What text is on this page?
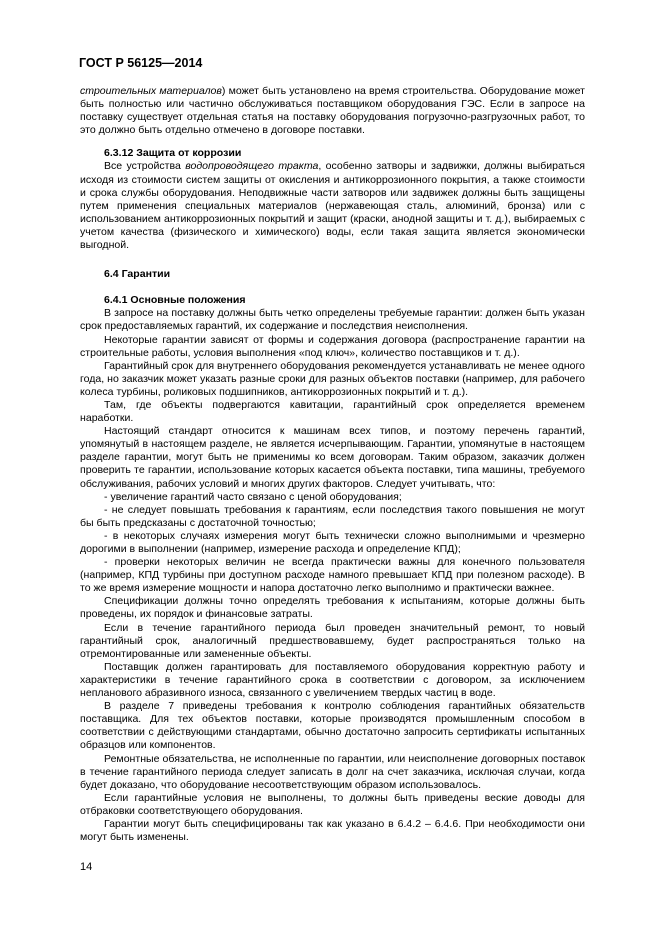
ГОСТ Р 56125—2014

строительных материалов) может быть установлено на время строительства. Оборудование может быть полностью или частично обслуживаться поставщиком оборудования ГЭС. Если в запросе на поставку существует отдельная статья на поставку оборудования погрузочно-разгрузочных работ, то это должно быть отдельно отмечено в договоре поставки.

6.3.12 Защита от коррозии

Все устройства водопроводящего тракта, особенно затворы и задвижки, должны выбираться исходя из стоимости систем защиты от окисления и антикоррозионного покрытия, а также стоимости и срока службы оборудования. Неподвижные части затворов или задвижек должны быть защищены путем применения специальных материалов (нержавеющая сталь, алюминий, бронза) или с использованием антикоррозионных покрытий и защит (краски, анодной защиты и т. д.), выбираемых с учетом качества (физического и химического) воды, если такая защита является экономически выгодной.

6.4 Гарантии

6.4.1 Основные положения

В запросе на поставку должны быть четко определены требуемые гарантии: должен быть указан срок предоставляемых гарантий, их содержание и последствия неисполнения.

Некоторые гарантии зависят от формы и содержания договора (распространение гарантии на строительные работы, условия выполнения «под ключ», количество поставщиков и т. д.).

Гарантийный срок для внутреннего оборудования рекомендуется устанавливать не менее одного года, но заказчик может указать разные сроки для разных объектов поставки (например, для рабочего колеса турбины, роликовых подшипников, антикоррозионных покрытий и т. д.).

Там, где объекты подвергаются кавитации, гарантийный срок определяется временем наработки.

Настоящий стандарт относится к машинам всех типов, и поэтому перечень гарантий, упомянутый в настоящем разделе, не является исчерпывающим. Гарантии, упомянутые в настоящем разделе гарантии, могут быть не применимы ко всем договорам. Таким образом, заказчик должен проверить те гарантии, использование которых касается объекта поставки, типа машины, требуемого обслуживания, рабочих условий и многих других факторов. Следует учитывать, что:

- увеличение гарантий часто связано с ценой оборудования;

- не следует повышать требования к гарантиям, если последствия такого повышения не могут бы быть предсказаны с достаточной точностью;

- в некоторых случаях измерения могут быть технически сложно выполнимыми и чрезмерно дорогими в выполнении (например, измерение расхода и определение КПД);

- проверки некоторых величин не всегда практически важны для конечного пользователя (например, КПД турбины при доступном расходе намного превышает КПД при полезном расходе). В то же время измерение мощности и напора достаточно легко выполнимо и практически важнее.

Спецификации должны точно определять требования к испытаниям, которые должны быть проведены, их порядок и финансовые затраты.

Если в течение гарантийного периода был проведен значительный ремонт, то новый гарантийный срок, аналогичный предшествовавшему, будет распространяться только на отремонтированные или замененные объекты.

Поставщик должен гарантировать для поставляемого оборудования корректную работу и характеристики в течение гарантийного срока в соответствии с договором, за исключением непланового абразивного износа, связанного с увеличением твердых частиц в воде.

В разделе 7 приведены требования к контролю соблюдения гарантийных обязательств поставщика. Для тех объектов поставки, которые производятся промышленным способом в соответствии с действующими стандартами, обычно достаточно запросить сертификаты испытанных образцов или компонентов.

Ремонтные обязательства, не исполненные по гарантии, или неисполнение договорных поставок в течение гарантийного периода следует записать в долг на счет заказчика, исключая случаи, когда будет доказано, что оборудование несоответствующим образом использовалось.

Если гарантийные условия не выполнены, то должны быть приведены веские доводы для отбраковки соответствующего оборудования.

Гарантии могут быть специфицированы так как указано в 6.4.2 – 6.4.6. При необходимости они могут быть изменены.

14
